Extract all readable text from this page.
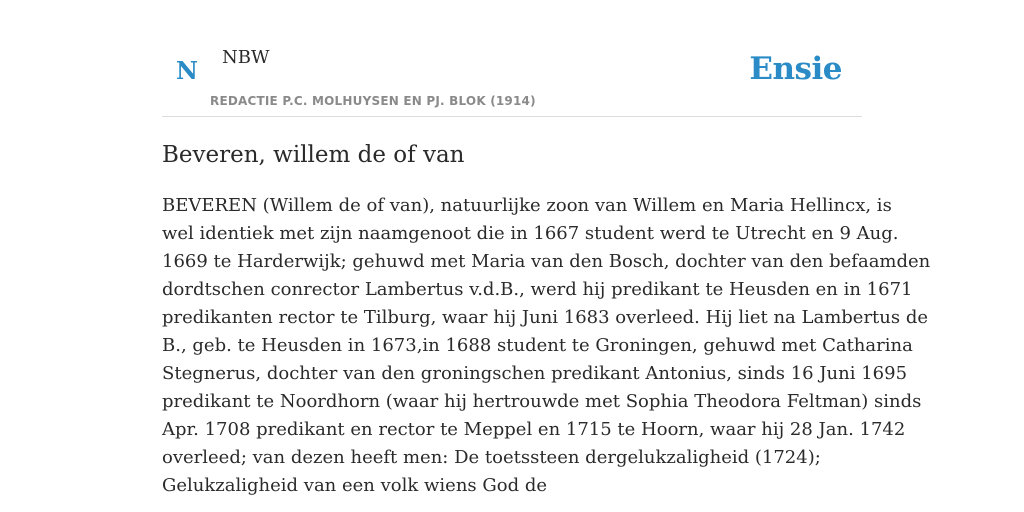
N NBW
REDACTIE P.C. MOLHUYSEN EN PJ. BLOK (1914)
Ensie
Beveren, willem de of van
BEVEREN (Willem de of van), natuurlijke zoon van Willem en Maria Hellincx, is
wel identiek met zijn naamgenoot die in 1667 student werd te Utrecht en 9 Aug.
1669 te Harderwijk; gehuwd met Maria van den Bosch, dochter van den befaamden
dordtschen conrector Lambertus v.d.B., werd hij predikant te Heusden en in 1671
predikanten rector te Tilburg, waar hij Juni 1683 overleed. Hij liet na Lambertus de
B., geb. te Heusden in 1673,in 1688 student te Groningen, gehuwd met Catharina
Stegnerus, dochter van den groningschen predikant Antonius, sinds 16 Juni 1695
predikant te Noordhorn (waar hij hertrouwde met Sophia Theodora Feltman) sinds
Apr. 1708 predikant en rector te Meppel en 1715 te Hoorn, waar hij 28 Jan. 1742
overleed; van dezen heeft men: De toetssteen dergelukzaligheid (1724);
Gelukzaligheid van een volk wiens God de
